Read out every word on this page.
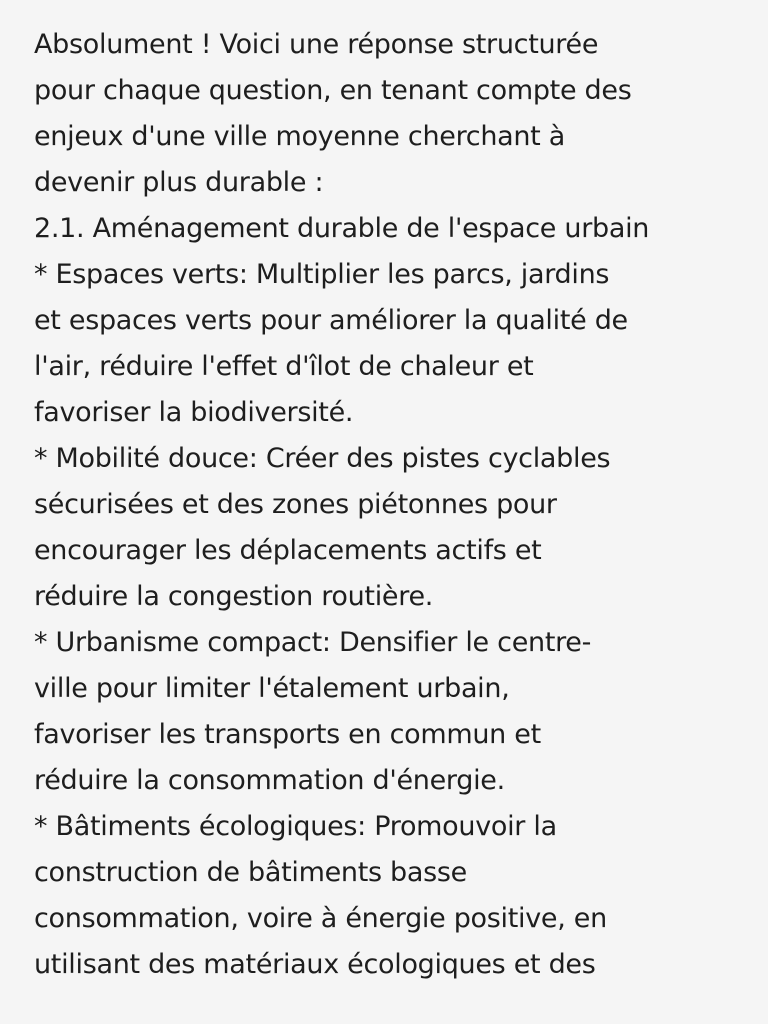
Absolument ! Voici une réponse structurée
pour chaque question, en tenant compte des
enjeux d'une ville moyenne cherchant à
devenir plus durable :
2.1. Aménagement durable de l'espace urbain
* Espaces verts: Multiplier les parcs, jardins
et espaces verts pour améliorer la qualité de
l'air, réduire l'effet d'îlot de chaleur et
favoriser la biodiversité.
* Mobilité douce: Créer des pistes cyclables
sécurisées et des zones piétonnes pour
encourager les déplacements actifs et
réduire la congestion routière.
* Urbanisme compact: Densifier le centre-
ville pour limiter l'étalement urbain,
favoriser les transports en commun et
réduire la consommation d'énergie.
* Bâtiments écologiques: Promouvoir la
construction de bâtiments basse
consommation, voire à énergie positive, en
utilisant des matériaux écologiques et des
